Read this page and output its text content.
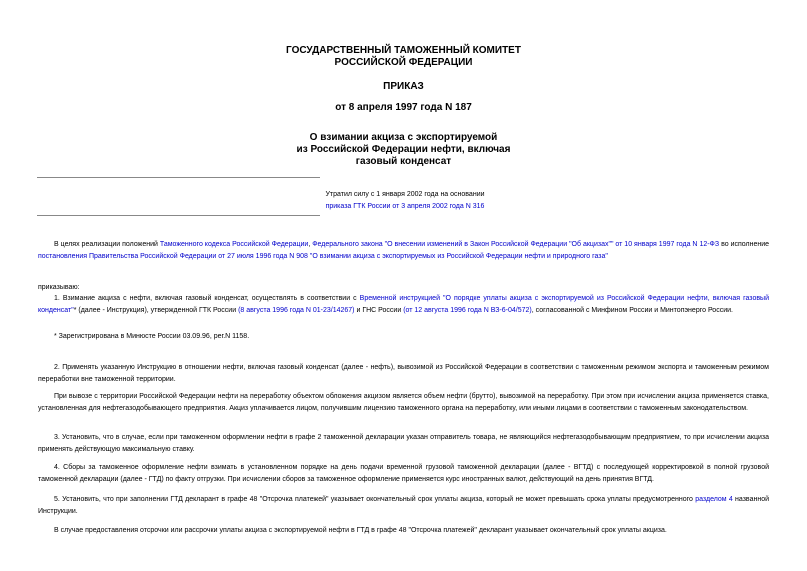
ГОСУДАРСТВЕННЫЙ ТАМОЖЕННЫЙ КОМИТЕТ
РОССИЙСКОЙ ФЕДЕРАЦИИ
ПРИКАЗ
от 8 апреля 1997 года N 187
О взимании акциза с экспортируемой
из Российской Федерации нефти, включая
газовый конденсат
Утратил силу с 1 января 2002 года на основании
приказа ГТК России от 3 апреля 2002 года N 316
В целях реализации положений Таможенного кодекса Российской Федерации, Федерального закона "О внесении изменений в Закон Российской Федерации "Об акцизах"" от 10 января 1997 года N 12-ФЗ во исполнение постановления Правительства Российской Федерации от 27 июля 1996 года N 908 "О взимании акциза с экспортируемых из Российской Федерации нефти и природного газа"
приказываю:
1. Взимание акциза с нефти, включая газовый конденсат, осуществлять в соответствии с Временной инструкцией "О порядке уплаты акциза с экспортируемой из Российской Федерации нефти, включая газовый конденсат"* (далее - Инструкция), утвержденной ГТК России (8 августа 1996 года N 01-23/14267) и ГНС России (от 12 августа 1996 года N ВЗ-6-04/572), согласованной с Минфином России и Минтопэнерго России.
* Зарегистрирована в Минюсте России 03.09.96, рег.N 1158.
2. Применять указанную Инструкцию в отношении нефти, включая газовый конденсат (далее - нефть), вывозимой из Российской Федерации в соответствии с таможенным режимом экспорта и таможенным режимом переработки вне таможенной территории.
При вывозе с территории Российской Федерации нефти на переработку объектом обложения акцизом является объем нефти (брутто), вывозимой на переработку. При этом при исчислении акциза применяется ставка, установленная для нефтегазодобывающего предприятия. Акциз уплачивается лицом, получившим лицензию таможенного органа на переработку, или иными лицами в соответствии с таможенным законодательством.
3. Установить, что в случае, если при таможенном оформлении нефти в графе 2 таможенной декларации указан отправитель товара, не являющийся нефтегазодобывающим предприятием, то при исчислении акциза применять действующую максимальную ставку.
4. Сборы за таможенное оформление нефти взимать в установленном порядке на день подачи временной грузовой таможенной декларации (далее - ВГТД) с последующей корректировкой в полной грузовой таможенной декларации (далее - ГТД) по факту отгрузки. При исчислении сборов за таможенное оформление применяется курс иностранных валют, действующий на день принятия ВГТД.
5. Установить, что при заполнении ГТД декларант в графе 48 "Отсрочка платежей" указывает окончательный срок уплаты акциза, который не может превышать срока уплаты предусмотренного разделом 4 названной Инструкции.
В случае предоставления отсрочки или рассрочки уплаты акциза с экспортируемой нефти в ГТД в графе 48 "Отсрочка платежей" декларант указывает окончательный срок уплаты акциза.
